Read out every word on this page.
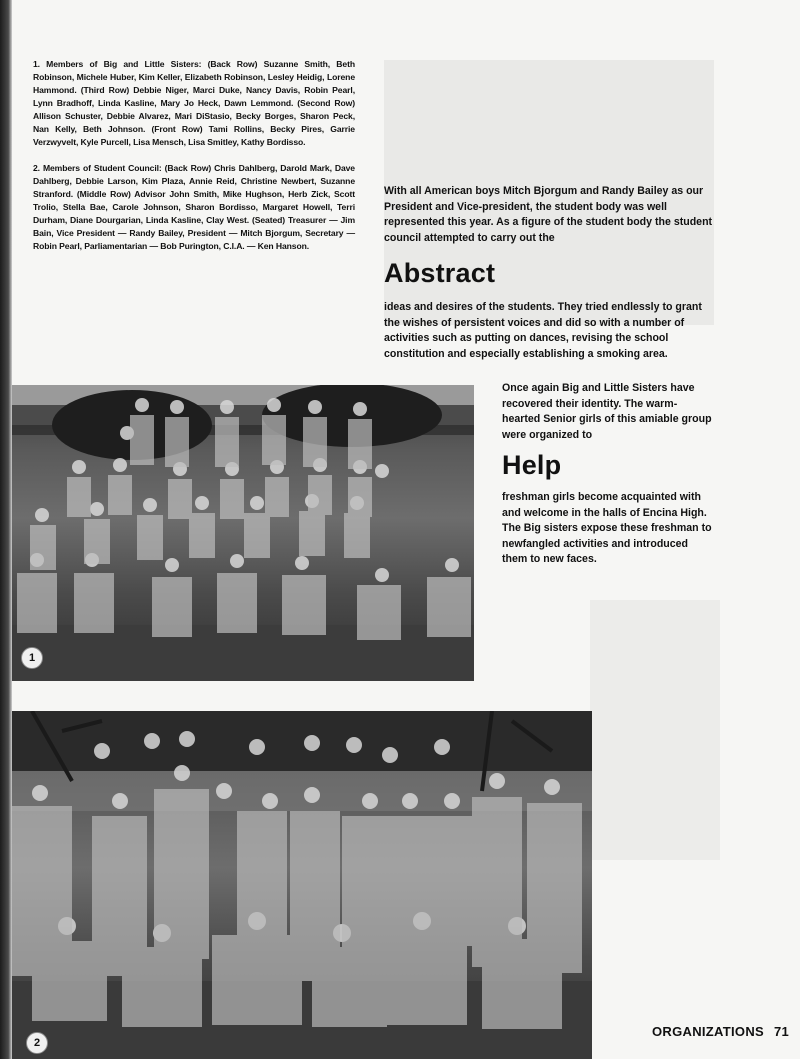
1. Members of Big and Little Sisters: (Back Row) Suzanne Smith, Beth Robinson, Michele Huber, Kim Keller, Elizabeth Robinson, Lesley Heidig, Lorene Hammond. (Third Row) Debbie Niger, Marci Duke, Nancy Davis, Robin Pearl, Lynn Bradhoff, Linda Kasline, Mary Jo Heck, Dawn Lemmond. (Second Row) Allison Schuster, Debbie Alvarez, Mari DiStasio, Becky Borges, Sharon Peck, Nan Kelly, Beth Johnson. (Front Row) Tami Rollins, Becky Pires, Garrie Verzwyvelt, Kyle Purcell, Lisa Mensch, Lisa Smitley, Kathy Bordisso.
2. Members of Student Council: (Back Row) Chris Dahlberg, Darold Mark, Dave Dahlberg, Debbie Larson, Kim Plaza, Annie Reid, Christine Newbert, Suzanne Stranford. (Middle Row) Advisor John Smith, Mike Hughson, Herb Zick, Scott Trolio, Stella Bae, Carole Johnson, Sharon Bordisso, Margaret Howell, Terri Durham, Diane Dourgarian, Linda Kasline, Clay West. (Seated) Treasurer — Jim Bain, Vice President — Randy Bailey, President — Mitch Bjorgum, Secretary — Robin Pearl, Parliamentarian — Bob Purington, C.I.A. — Ken Hanson.
With all American boys Mitch Bjorgum and Randy Bailey as our President and Vice-president, the student body was well represented this year. As a figure of the student body the student council attempted to carry out the
Abstract
ideas and desires of the students. They tried endlessly to grant the wishes of persistent voices and did so with a number of activities such as putting on dances, revising the school constitution and especially establishing a smoking area.
Once again Big and Little Sisters have recovered their identity. The warm-hearted Senior girls of this amiable group were organized to
Help
freshman girls become acquainted with and welcome in the halls of Encina High. The Big sisters expose these freshman to newfangled activities and introduced them to new faces.
1
2
ORGANIZATIONS 71
